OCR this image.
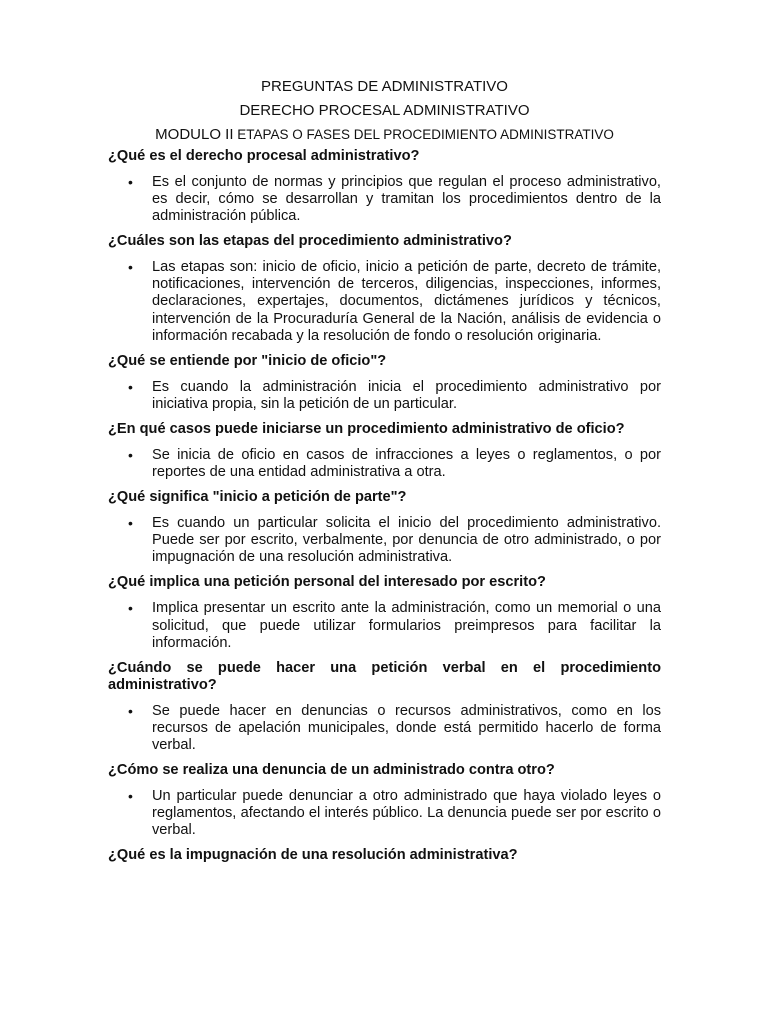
PREGUNTAS DE ADMINISTRATIVO
DERECHO PROCESAL ADMINISTRATIVO
MODULO II ETAPAS O FASES DEL PROCEDIMIENTO ADMINISTRATIVO
¿Qué es el derecho procesal administrativo?
• Es el conjunto de normas y principios que regulan el proceso administrativo, es decir, cómo se desarrollan y tramitan los procedimientos dentro de la administración pública.
¿Cuáles son las etapas del procedimiento administrativo?
• Las etapas son: inicio de oficio, inicio a petición de parte, decreto de trámite, notificaciones, intervención de terceros, diligencias, inspecciones, informes, declaraciones, expertajes, documentos, dictámenes jurídicos y técnicos, intervención de la Procuraduría General de la Nación, análisis de evidencia o información recabada y la resolución de fondo o resolución originaria.
¿Qué se entiende por "inicio de oficio"?
• Es cuando la administración inicia el procedimiento administrativo por iniciativa propia, sin la petición de un particular.
¿En qué casos puede iniciarse un procedimiento administrativo de oficio?
• Se inicia de oficio en casos de infracciones a leyes o reglamentos, o por reportes de una entidad administrativa a otra.
¿Qué significa "inicio a petición de parte"?
• Es cuando un particular solicita el inicio del procedimiento administrativo. Puede ser por escrito, verbalmente, por denuncia de otro administrado, o por impugnación de una resolución administrativa.
¿Qué implica una petición personal del interesado por escrito?
• Implica presentar un escrito ante la administración, como un memorial o una solicitud, que puede utilizar formularios preimpresos para facilitar la información.
¿Cuándo se puede hacer una petición verbal en el procedimiento administrativo?
• Se puede hacer en denuncias o recursos administrativos, como en los recursos de apelación municipales, donde está permitido hacerlo de forma verbal.
¿Cómo se realiza una denuncia de un administrado contra otro?
• Un particular puede denunciar a otro administrado que haya violado leyes o reglamentos, afectando el interés público. La denuncia puede ser por escrito o verbal.
¿Qué es la impugnación de una resolución administrativa?
